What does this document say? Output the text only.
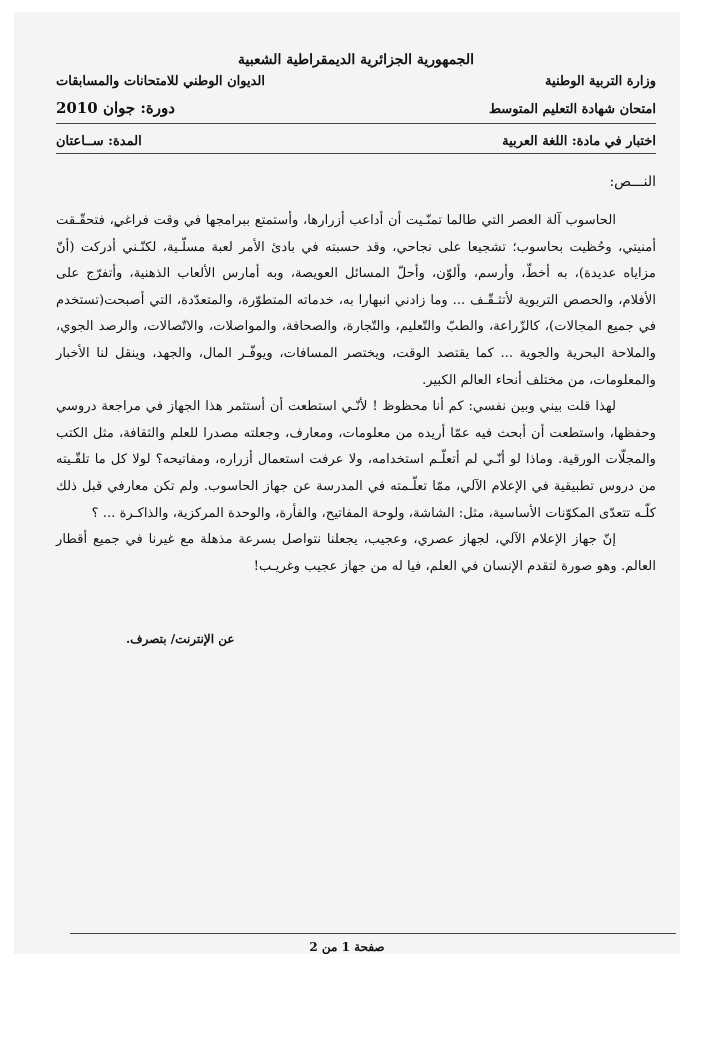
الجمهورية الجزائرية الديمقراطية الشعبية

وزارة التربية الوطنية
الديوان الوطني للامتحانات والمسابقات
امتحان شهادة التعليم المتوسط
دورة: جوان 2010
اختبار في مادة: اللغة العربية
المدة: ســاعتان
النـــص:

الحاسوب آلة العصر التي طالما تمنّـيت أن أداعب أزرارها، وأستمتع ببرامجها في وقت فراغي، فتحقّـقت أمنيتي، وحُظيت بحاسوب؛ تشجيعا على نجاحي، وقد حسبته في بادئ الأمر لعبة مسلّـية، لكنّـني أدركت (أنّ مزاياه عديدة)، به أخطّ، وأرسم، وألوّن، وأحلّ المسائل العويصة، وبه أمارس الألعاب الذهنية، وأتفرّج على الأفلام، والحصص التربوية لأتثـقّـف ... وما زادني انبهارا به، خدماته المتطوّرة، والمتعدّدة، التي أصبحت(تستخدم في جميع المجالات)، كالزّراعة، والطبّ والتّعليم، والتّجارة، والصحافة، والمواصلات، والاتّصالات، والرصد الجوي، والملاحة البحرية والجوية ... كما يقتصد الوقت، ويختصر المسافات، ويوفّـر المال، والجهد، وينقل لنا الأخبار والمعلومات، من مختلف أنحاء العالم الكبير.

لهذا قلت بيني وبين نفسي: كم أنا محظوظ ! لأنّـي استطعت أن أستثمر هذا الجهاز في مراجعة دروسي وحفظها، واستطعت أن أبحث فيه عمّا أريده من معلومات، ومعارف، وجعلته مصدرا للعلم والثقافة، مثل الكتب والمجلّات الورقية. وماذا لو أنّـي لم أتعلّـم استخدامه، ولا عرفت استعمال أزراره، ومفاتيحه؟ لولا كل ما تلقّـيته من دروس تطبيقية في الإعلام الآلي، ممّا تعلّـمته في المدرسة عن جهاز الحاسوب. ولم تكن معارفي قبل ذلك كلّـه تتعدّى المكوّنات الأساسية، مثل: الشاشة، ولوحة المفاتيح، والفأرة، والوحدة المركزية، والذاكـرة ... ؟

إنّ جهاز الإعلام الآلي، لجهاز عصري، وعجيب، يجعلنا نتواصل بسرعة مذهلة مع غيرنا في جميع أقطار العالم. وهو صورة لتقدم الإنسان في العلم، فيا له من جهاز عجيب وغريـب!

عن الإنترنت/ بتصرف.
صفحة 1 من 2
